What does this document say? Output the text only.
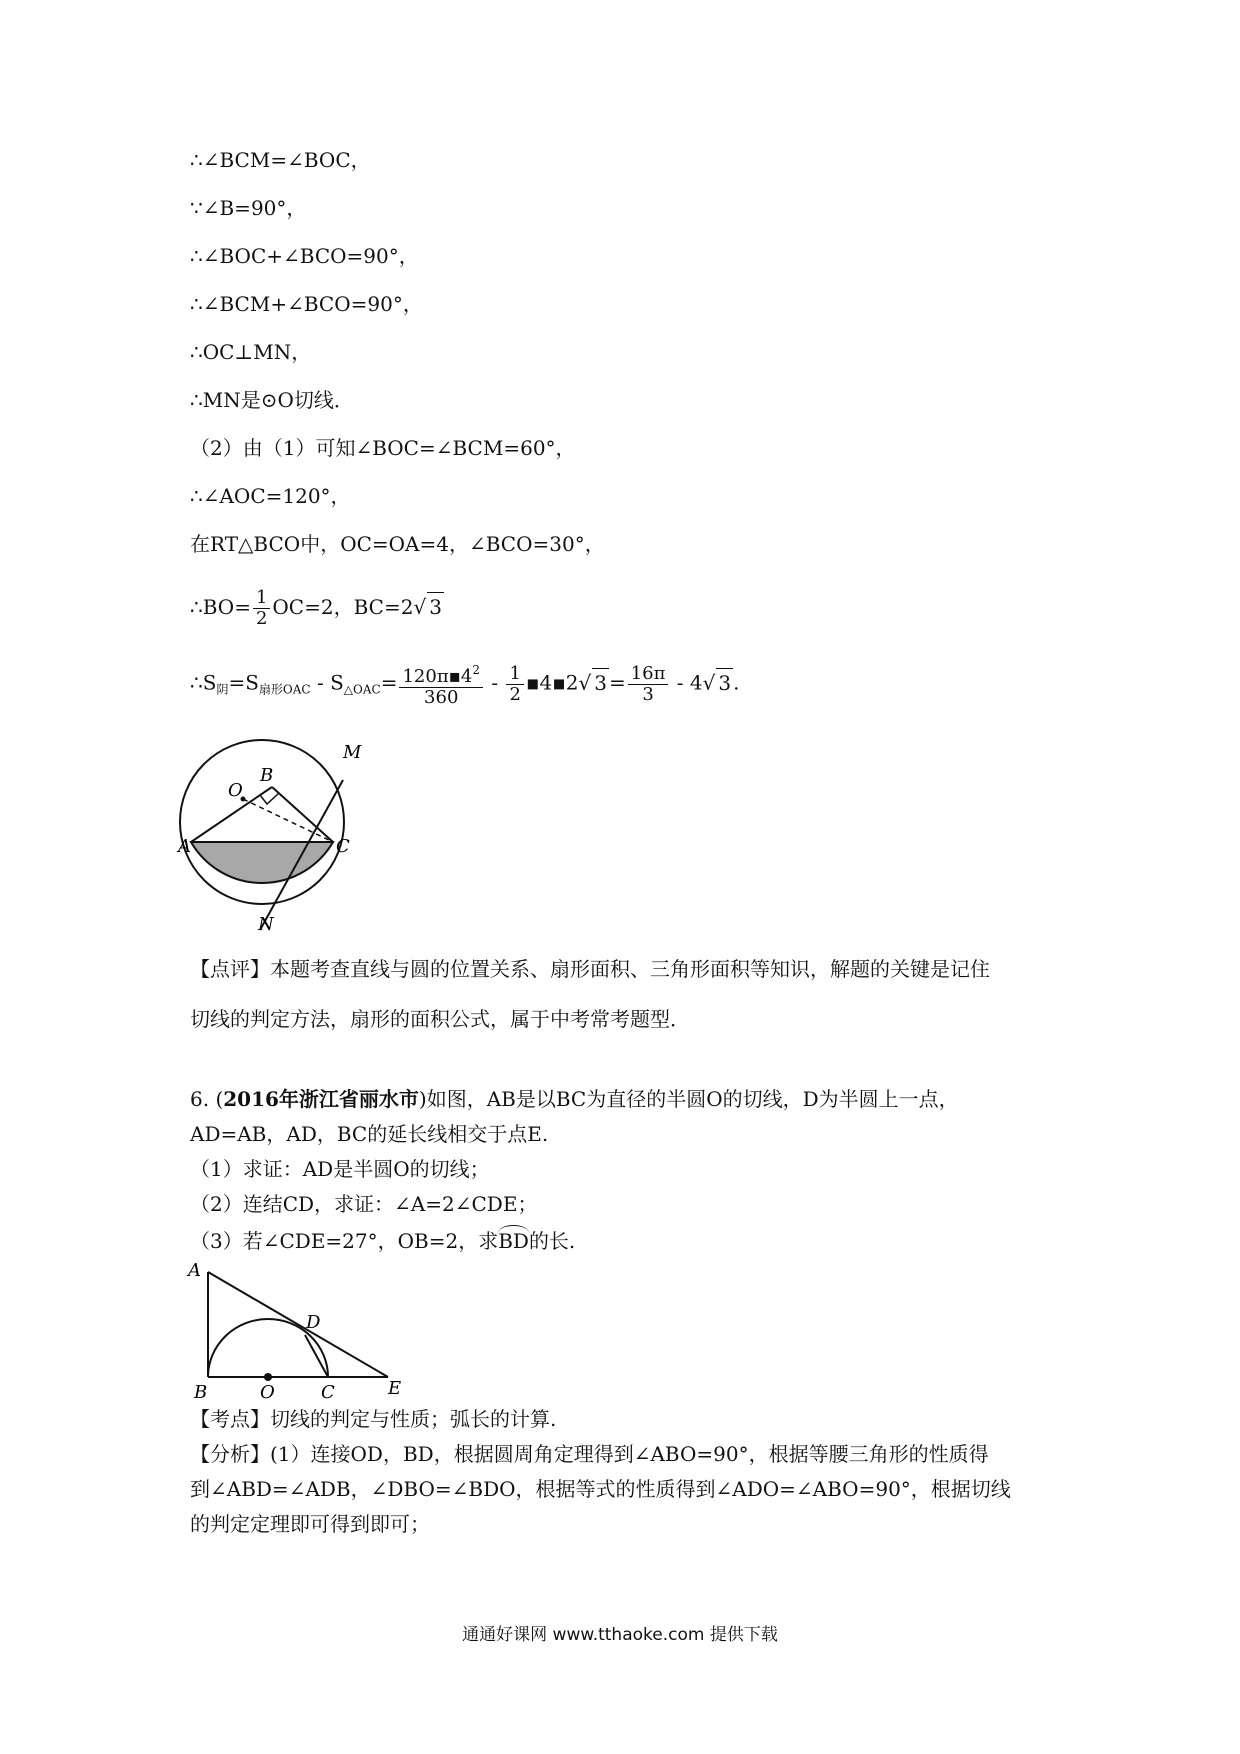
∴∠BCM=∠BOC，
∵∠B=90°，
∴∠BOC+∠BCO=90°，
∴∠BCM+∠BCO=90°，
∴OC⊥MN，
∴MN是⊙O切线．
（2）由（1）可知∠BOC=∠BCM=60°，
∴∠AOC=120°，
在RT△BCO中，OC=OA=4，∠BCO=30°，
∴BO= $\frac{1}{2} OC=2$，BC=2√ 3
$\therefore S_阴=S_{扇形OAC} - S_{\triangle OAC}= \frac{120\pi▪4^2}{360} - \frac{1}{2}$ ▪4▪2√ $3 = \frac{16\pi}{3} - 4√$ 3 .
A
B
O
C
M
N
【点评】本题考查直线与圆的位置关系、扇形面积、三角形面积等知识，解题的关键是记住
切线的判定方法，扇形的面积公式，属于中考常考题型．
6. (2016年浙江省丽水市)如图，AB是以BC为直径的半圆O的切线，D为半圆上一点，
AD=AB，AD，BC的延长线相交于点E.
（1）求证：AD是半圆O的切线；
（2）连结CD，求证：∠A=2∠CDE；
（3）若∠CDE=27°，OB=2，求BD的长.
A
B	O	C
D
E
【考点】切线的判定与性质；弧长的计算.
【分析】(1）连接OD，BD，根据圆周角定理得到∠ABO=90°，根据等腰三角形的性质得
到∠ABD=∠ADB，∠DBO=∠BDO，根据等式的性质得到∠ADO=∠ABO=90°，根据切线
的判定定理即可得到即可；
通通好课网 www.tthaoke.com 提供下载
